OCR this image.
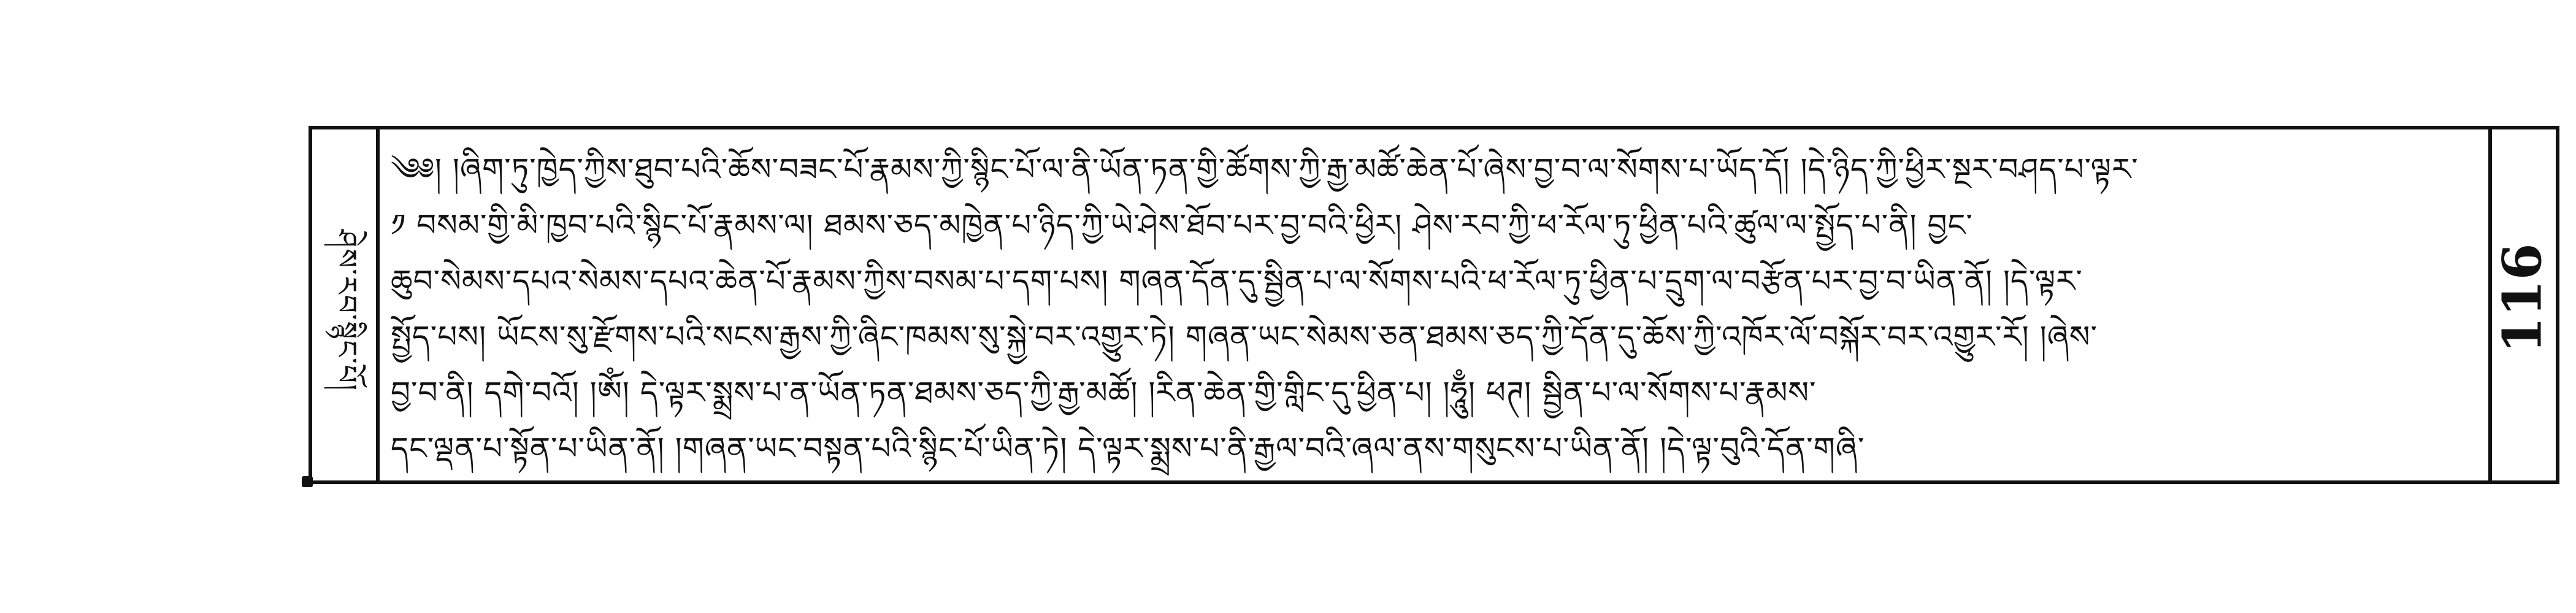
ཤེས་རབ་སྙིང་པོ།
༄༅། །ཞིག་ཏུ་ཁྱེད་ཀྱིས་ཐུབ་པའི་ཆོས་བཟང་པོ་རྣམས་ཀྱི་སྙིང་པོ་ལ་ནི་ཡོན་ཏན་གྱི་ཚོགས་ཀྱི་རྒྱ་མཚོ་ཆེན་པོ་ཞེས་བྱ་བ་ལ་སོགས་པ་ཡོད་དོ། །དེ་ཉིད་ཀྱི་ཕྱིར་སྔར་བཤད་པ་ལྟར་
༡ བསམ་གྱི་མི་ཁྱབ་པའི་སྙིང་པོ་རྣམས་ལ། ཐམས་ཅད་མཁྱེན་པ་ཉིད་ཀྱི་ཡེ་ཤེས་ཐོབ་པར་བྱ་བའི་ཕྱིར། ཤེས་རབ་ཀྱི་ཕ་རོལ་ཏུ་ཕྱིན་པའི་ཚུལ་ལ་སྤྱོད་པ་ནི། བྱང་
ཆུབ་སེམས་དཔའ་སེམས་དཔའ་ཆེན་པོ་རྣམས་ཀྱིས་བསམ་པ་དག་པས། གཞན་དོན་དུ་སྦྱིན་པ་ལ་སོགས་པའི་ཕ་རོལ་ཏུ་ཕྱིན་པ་དྲུག་ལ་བརྩོན་པར་བྱ་བ་ཡིན་ནོ། །དེ་ལྟར་
སྤྱོད་པས། ཡོངས་སུ་རྫོགས་པའི་སངས་རྒྱས་ཀྱི་ཞིང་ཁམས་སུ་སྐྱེ་བར་འགྱུར་ཏེ། གཞན་ཡང་སེམས་ཅན་ཐམས་ཅད་ཀྱི་དོན་དུ་ཆོས་ཀྱི་འཁོར་ལོ་བསྐོར་བར་འགྱུར་རོ། །ཞེས་
བྱ་བ་ནི། དགེ་བའོ། །ཨོཾ། དེ་ལྟར་སྨྲས་པ་ན་ཡོན་ཏན་ཐམས་ཅད་ཀྱི་རྒྱ་མཚོ། །རིན་ཆེན་གྱི་གླིང་དུ་ཕྱིན་པ། །ཧཱུྃ། ཕཊ། སྦྱིན་པ་ལ་སོགས་པ་རྣམས་
དང་ལྡན་པ་སྟོན་པ་ཡིན་ནོ། །གཞན་ཡང་བསྟན་པའི་སྙིང་པོ་ཡིན་ཏེ། དེ་ལྟར་སྨྲས་པ་ནི་རྒྱལ་བའི་ཞལ་ནས་གསུངས་པ་ཡིན་ནོ། །དེ་ལྟ་བུའི་དོན་གཞི་
116
